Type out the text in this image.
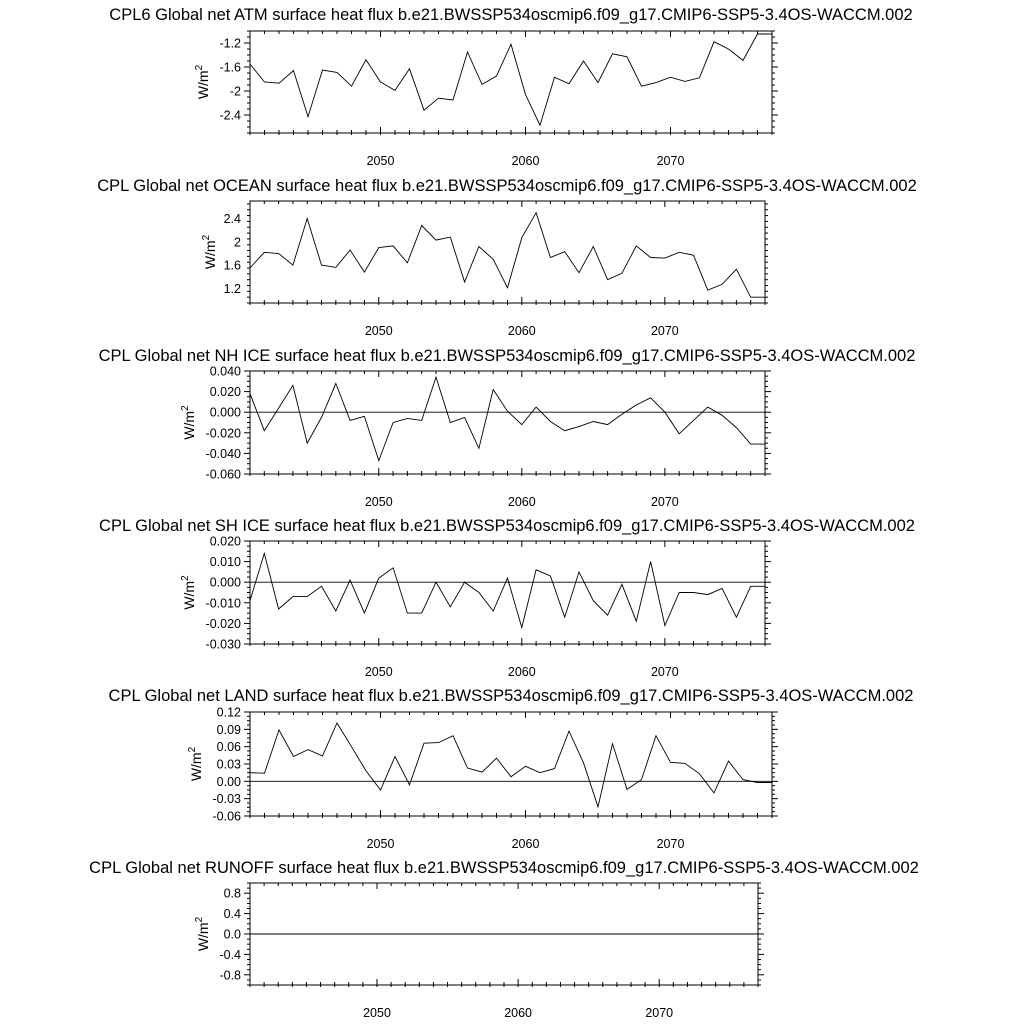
CPL6 Global net ATM surface heat flux b.e21.BWSSP534oscmip6.f09_g17.CMIP6-SSP5-3.4OS-WACCM.002
2050	2060	2070
-1.2
-1.6
-2
-2.4
$W/m^2$
CPL Global net OCEAN surface heat flux b.e21.BWSSP534oscmip6.f09_g17.CMIP6-SSP5-3.4OS-WACCM.002
2050	2060	2070
2.4
2
1.6
1.2
$W/m^2$
CPL Global net NH ICE surface heat flux b.e21.BWSSP534oscmip6.f09_g17.CMIP6-SSP5-3.4OS-WACCM.002
2050	2060	2070
0.040
0.020
0.000
-0.020
-0.040
-0.060
$W/m^2$
CPL Global net SH ICE surface heat flux b.e21.BWSSP534oscmip6.f09_g17.CMIP6-SSP5-3.4OS-WACCM.002
2050	2060	2070
0.020
0.010
0.000
-0.010
-0.020
-0.030
$W/m^2$
CPL Global net LAND surface heat flux b.e21.BWSSP534oscmip6.f09_g17.CMIP6-SSP5-3.4OS-WACCM.002
2050	2060	2070
0.12
0.09
0.06
0.03
0.00
-0.03
-0.06
$W/m^2$
CPL Global net RUNOFF surface heat flux b.e21.BWSSP534oscmip6.f09_g17.CMIP6-SSP5-3.4OS-WACCM.002
2050	2060	2070
0.8
0.4
0.0
-0.4
-0.8
$W/m^2$
